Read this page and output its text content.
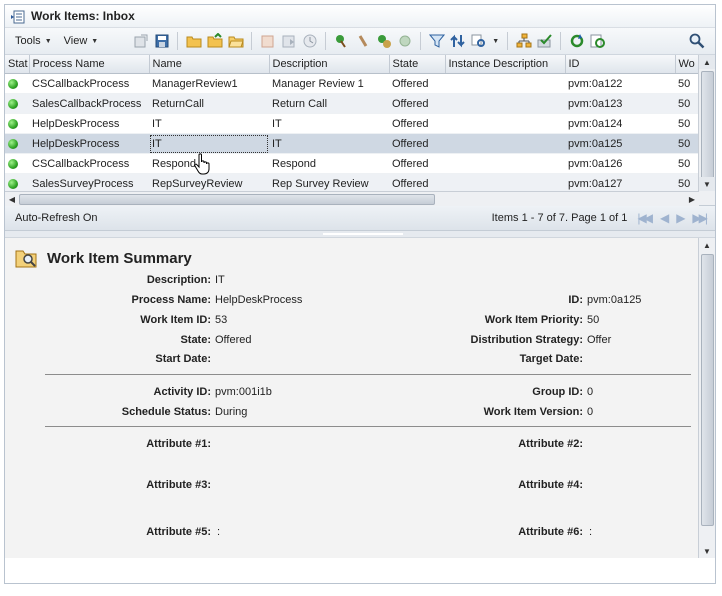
Work Items: Inbox
Tools ▼ View ▼	▼
Stat	Process Name	Name	Description	State	Instance Description	ID	Wo
	CSCallbackProcess	ManagerReview1	Manager Review 1	Offered		pvm:0a122	50
	SalesCallbackProcess	ReturnCall	Return Call	Offered		pvm:0a123	50
	HelpDeskProcess	IT	IT	Offered		pvm:0a124	50
	HelpDeskProcess	IT	IT	Offered		pvm:0a125	50
	CSCallbackProcess	Respond	Respond	Offered		pvm:0a126	50
	SalesSurveyProcess	RepSurveyReview	Rep Survey Review	Offered		pvm:0a127	50

▲
▼
◀	▶
Auto-Refresh On	Items 1 - 7 of 7. Page 1 of 1 |◀◀ ◀ ▶ ▶▶|
Work Item Summary
Description: IT
Process Name: HelpDeskProcess	ID: pvm:0a125
Work Item ID: 53	Work Item Priority: 50
State: Offered	Distribution Strategy: Offer
Start Date:	Target Date:
Activity ID: pvm:001i1b	Group ID: 0
Schedule Status: During	Work Item Version: 0
Attribute #1:	Attribute #2:
Attribute #3:	Attribute #4:
Attribute #5: :	Attribute #6: :
▲
▼
